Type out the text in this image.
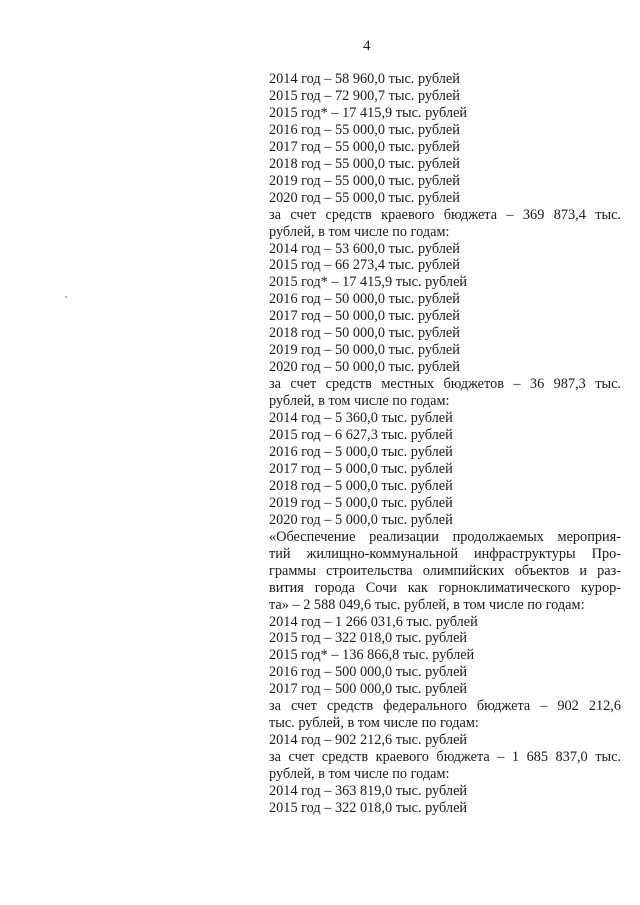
4
2014 год – 58 960,0 тыс. рублей
2015 год – 72 900,7 тыс. рублей
2015 год* – 17 415,9 тыс. рублей
2016 год – 55 000,0 тыс. рублей
2017 год – 55 000,0 тыс. рублей
2018 год – 55 000,0 тыс. рублей
2019 год – 55 000,0 тыс. рублей
2020 год – 55 000,0 тыс. рублей
за счет средств краевого бюджета – 369 873,4 тыс.
рублей, в том числе по годам:
2014 год – 53 600,0 тыс. рублей
2015 год – 66 273,4 тыс. рублей
2015 год* – 17 415,9 тыс. рублей
2016 год – 50 000,0 тыс. рублей
2017 год – 50 000,0 тыс. рублей
2018 год – 50 000,0 тыс. рублей
2019 год – 50 000,0 тыс. рублей
2020 год – 50 000,0 тыс. рублей
за счет средств местных бюджетов – 36 987,3 тыс.
рублей, в том числе по годам:
2014 год – 5 360,0 тыс. рублей
2015 год – 6 627,3 тыс. рублей
2016 год – 5 000,0 тыс. рублей
2017 год – 5 000,0 тыс. рублей
2018 год – 5 000,0 тыс. рублей
2019 год – 5 000,0 тыс. рублей
2020 год – 5 000,0 тыс. рублей
«Обеспечение реализации продолжаемых мероприя-
тий жилищно-коммунальной инфраструктуры Про-
граммы строительства олимпийских объектов и раз-
вития города Сочи как горноклиматического курор-
та» – 2 588 049,6 тыс. рублей, в том числе по годам:
2014 год – 1 266 031,6 тыс. рублей
2015 год – 322 018,0 тыс. рублей
2015 год* – 136 866,8 тыс. рублей
2016 год – 500 000,0 тыс. рублей
2017 год – 500 000,0 тыс. рублей
за счет средств федерального бюджета – 902 212,6
тыс. рублей, в том числе по годам:
2014 год – 902 212,6 тыс. рублей
за счет средств краевого бюджета – 1 685 837,0 тыс.
рублей, в том числе по годам:
2014 год – 363 819,0 тыс. рублей
2015 год – 322 018,0 тыс. рублей
